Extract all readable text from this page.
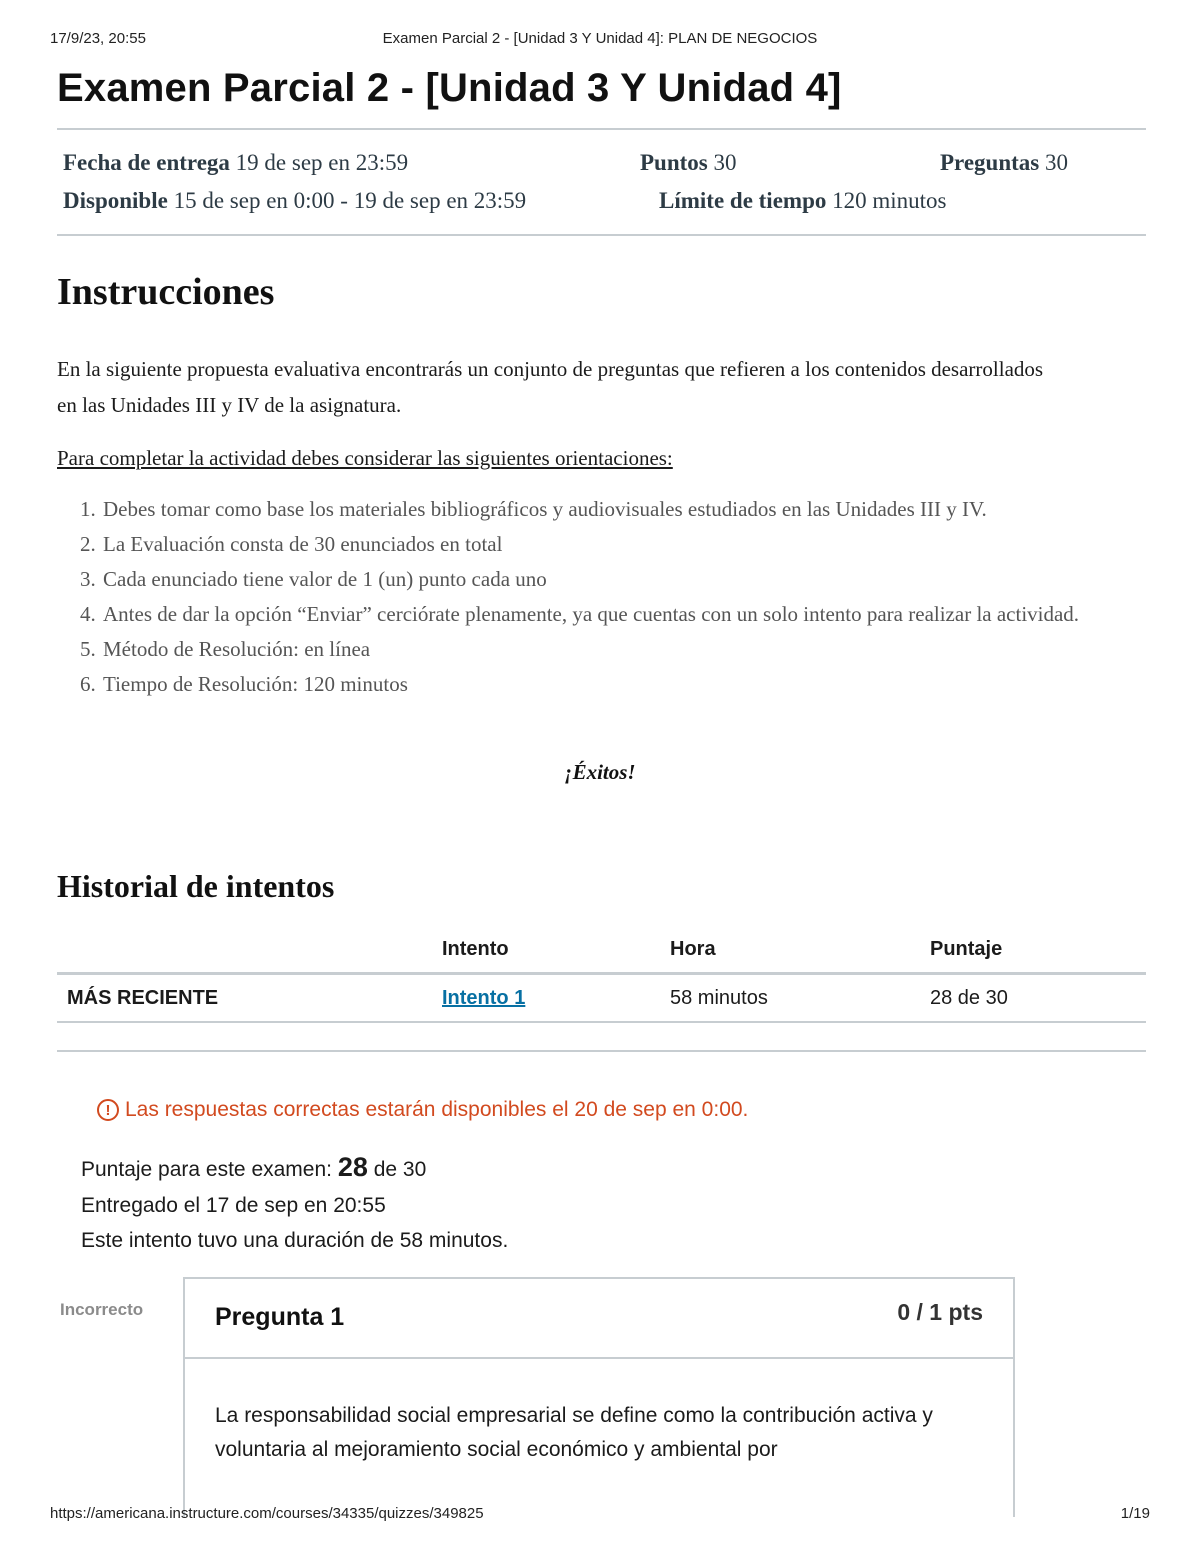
17/9/23, 20:55	Examen Parcial 2 - [Unidad 3 Y Unidad 4]: PLAN DE NEGOCIOS
Examen Parcial 2 - [Unidad 3 Y Unidad 4]
Fecha de entrega 19 de sep en 23:59	Puntos 30	Preguntas 30
Disponible 15 de sep en 0:00 - 19 de sep en 23:59	Límite de tiempo 120 minutos
Instrucciones

En la siguiente propuesta evaluativa encontrarás un conjunto de preguntas que refieren a los contenidos desarrollados en las Unidades III y IV de la asignatura.

Para completar la actividad debes considerar las siguientes orientaciones:

1. Debes tomar como base los materiales bibliográficos y audiovisuales estudiados en las Unidades III y IV.
2. La Evaluación consta de 30 enunciados en total
3. Cada enunciado tiene valor de 1 (un) punto cada uno
4. Antes de dar la opción “Enviar” cerciórate plenamente, ya que cuentas con un solo intento para realizar la actividad.
5. Método de Resolución: en línea
6. Tiempo de Resolución: 120 minutos
¡Éxitos!
Historial de intentos
	Intento	Hora	Puntaje
MÁS RECIENTE	Intento 1	58 minutos	28 de 30
! Las respuestas correctas estarán disponibles el 20 de sep en 0:00.
Puntaje para este examen: 28 de 30
Entregado el 17 de sep en 20:55
Este intento tuvo una duración de 58 minutos.
Incorrecto	Pregunta 1	0 / 1 pts
La responsabilidad social empresarial se define como la contribución activa y voluntaria al mejoramiento social económico y ambiental por
https://americana.instructure.com/courses/34335/quizzes/349825	1/19
